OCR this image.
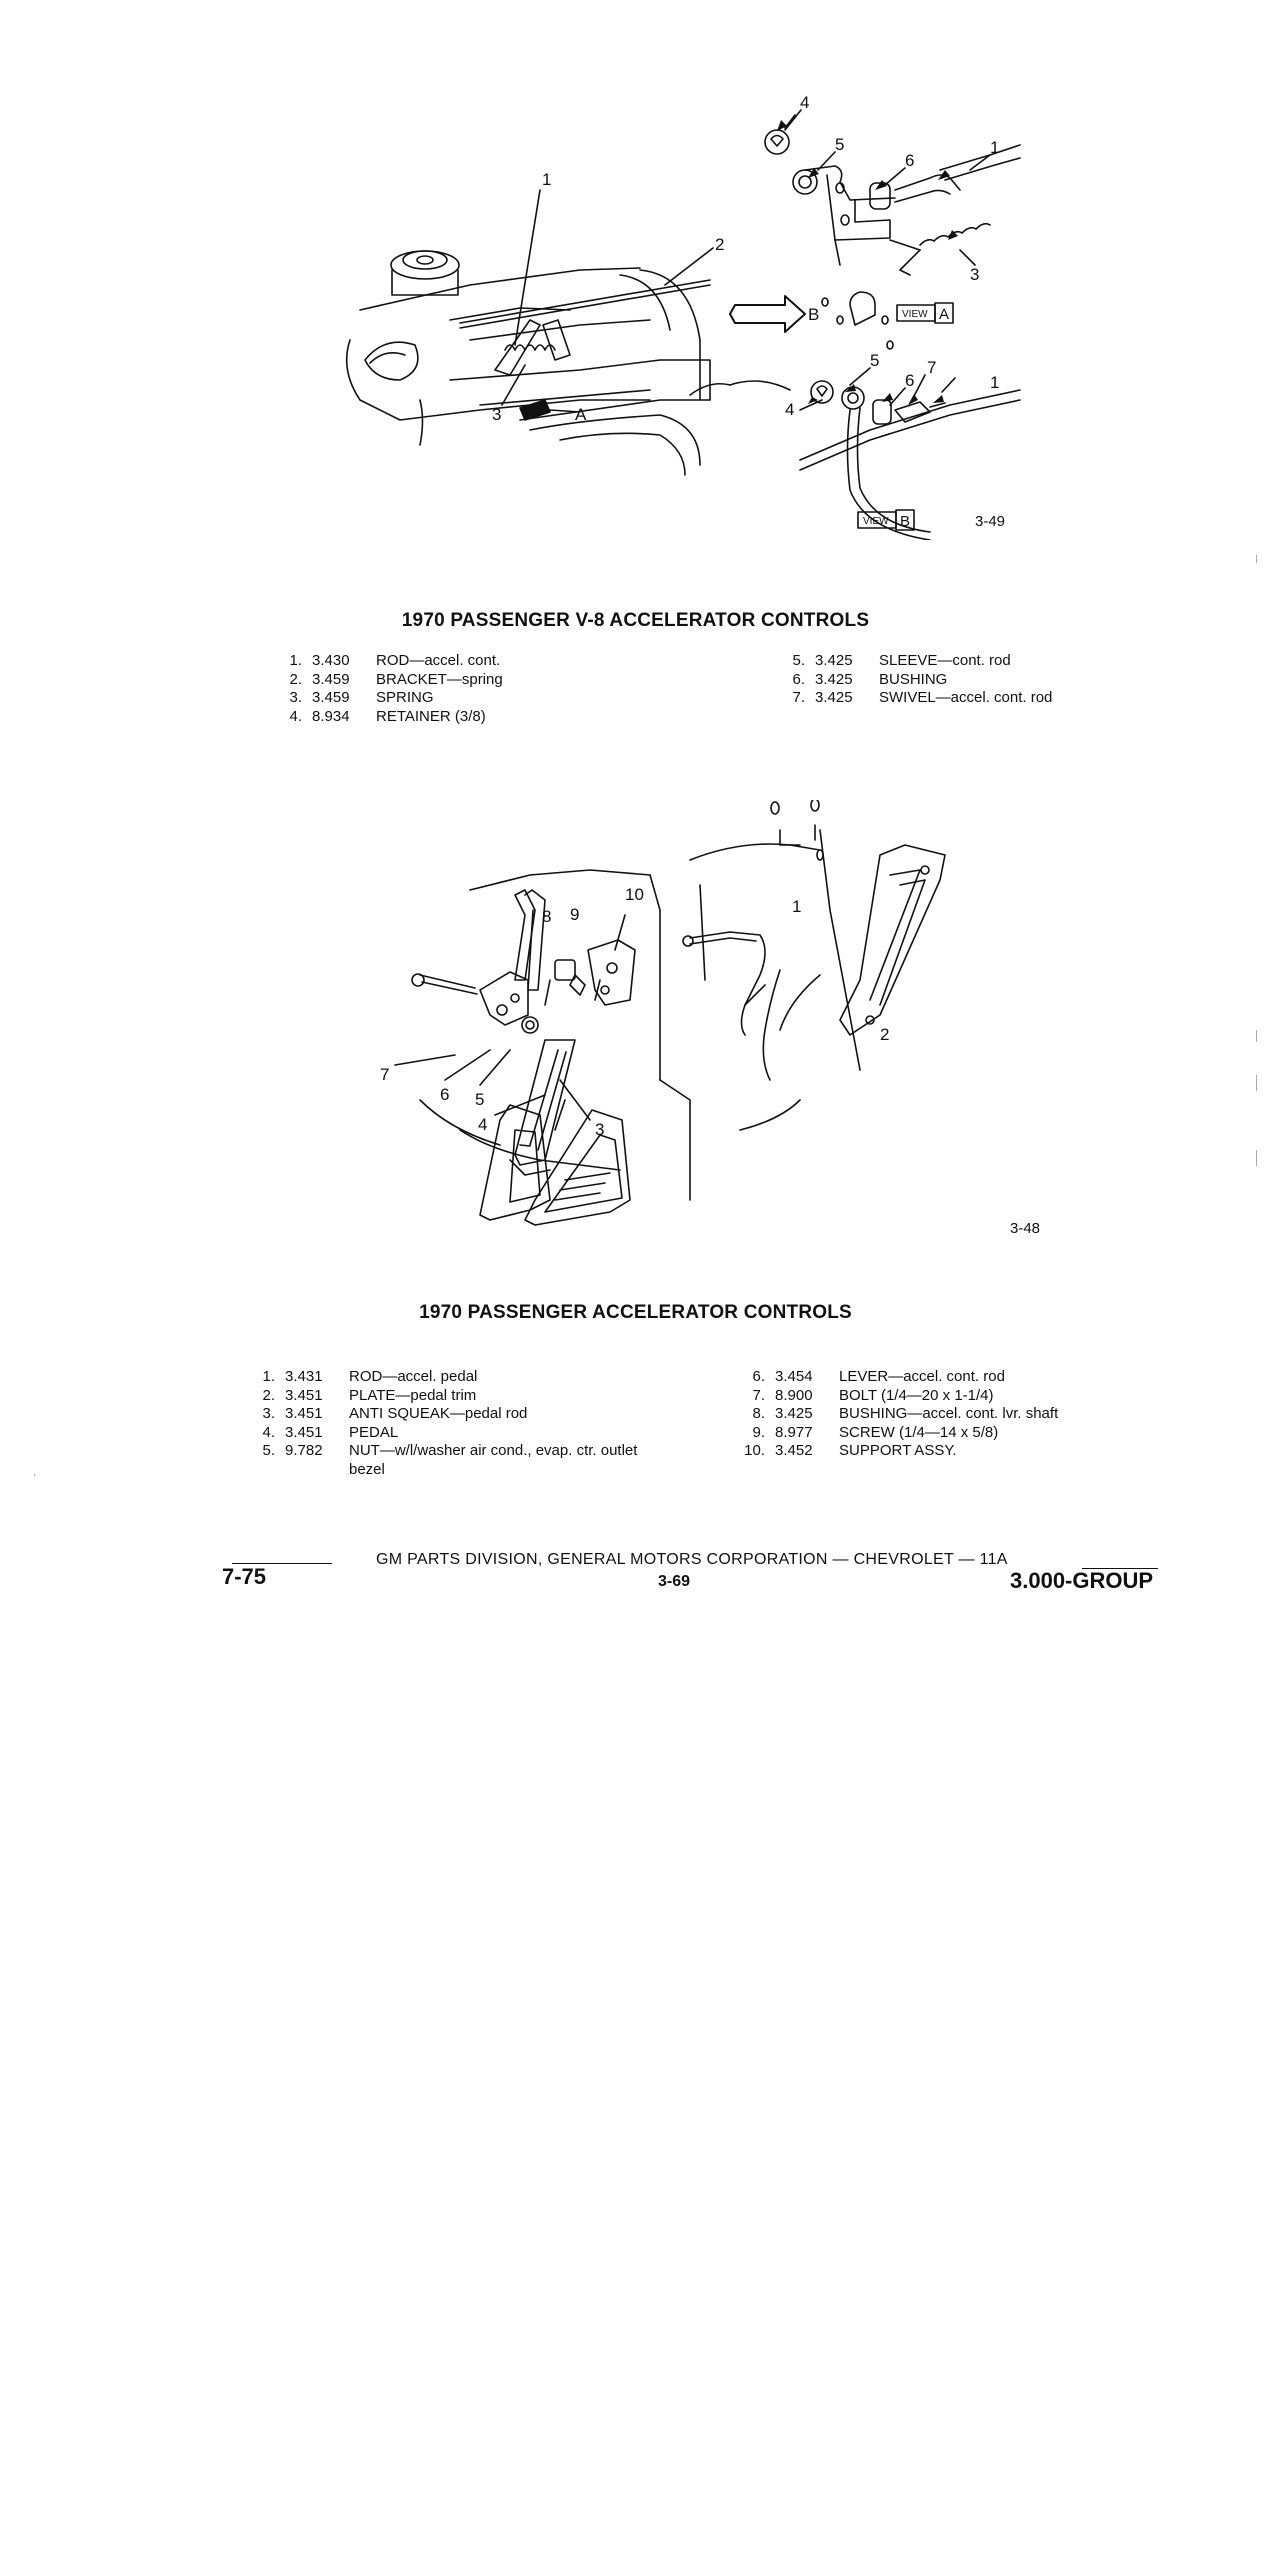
1
2
3	A
B
4
5
6
1
3
VIEW A
4
5
6
7
1
VIEW B	3-49
1970 PASSENGER V-8 ACCELERATOR CONTROLS
1. 3.430	ROD—accel. cont.
2. 3.459	BRACKET—spring
3. 3.459	SPRING
4. 8.934	RETAINER (3/8)
5. 3.425	SLEEVE—cont. rod
6. 3.425	BUSHING
7. 3.425	SWIVEL—accel. cont. rod
7
6 5
4	3
8 9
10
1
2
3-48
1970 PASSENGER ACCELERATOR CONTROLS
1. 3.431	ROD—accel. pedal
2. 3.451	PLATE—pedal trim
3. 3.451	ANTI SQUEAK—pedal rod
4. 3.451	PEDAL
5. 9.782	NUT—w/l/washer air cond., evap. ctr. outlet bezel
6. 3.454	LEVER—accel. cont. rod
7. 8.900	BOLT (1/4—20 x 1-1/4)
8. 3.425	BUSHING—accel. cont. lvr. shaft
9. 8.977	SCREW (1/4—14 x 5/8)
10. 3.452	SUPPORT ASSY.
GM PARTS DIVISION, GENERAL MOTORS CORPORATION — CHEVROLET — 11A
7-75	3-69	3.000-GROUP
